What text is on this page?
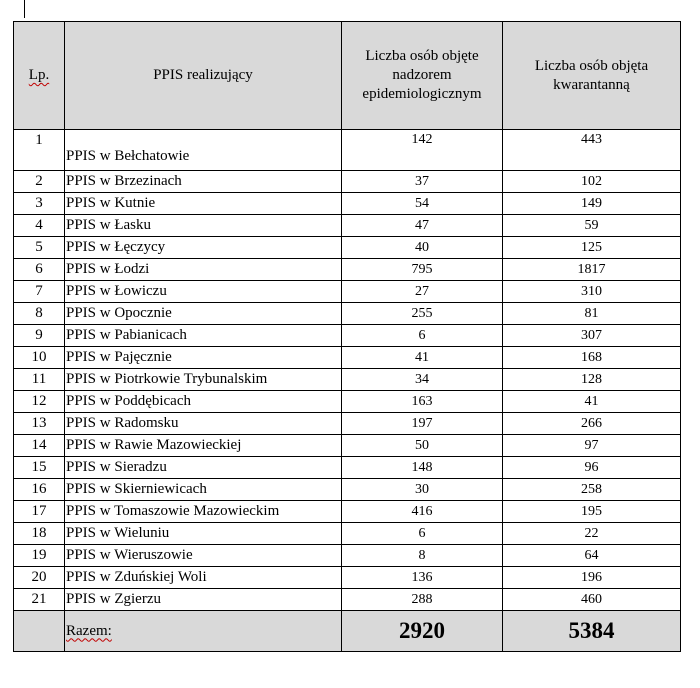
Lp.	PPIS realizujący	Liczba osób objęte nadzorem epidemiologicznym	Liczba osób objęta kwarantanną
1	PPIS w Bełchatowie	142	443
2	PPIS w Brzezinach	37	102
3	PPIS w Kutnie	54	149
4	PPIS w Łasku	47	59
5	PPIS w Łęczycy	40	125
6	PPIS w Łodzi	795	1817
7	PPIS w Łowiczu	27	310
8	PPIS w Opocznie	255	81
9	PPIS w Pabianicach	6	307
10	PPIS w Pajęcznie	41	168
11	PPIS w Piotrkowie Trybunalskim	34	128
12	PPIS w Poddębicach	163	41
13	PPIS w Radomsku	197	266
14	PPIS w Rawie Mazowieckiej	50	97
15	PPIS w Sieradzu	148	96
16	PPIS w Skierniewicach	30	258
17	PPIS w Tomaszowie Mazowieckim	416	195
18	PPIS w Wieluniu	6	22
19	PPIS w Wieruszowie	8	64
20	PPIS w Zduńskiej Woli	136	196
21	PPIS w Zgierzu	288	460
	Razem:	2920	5384
